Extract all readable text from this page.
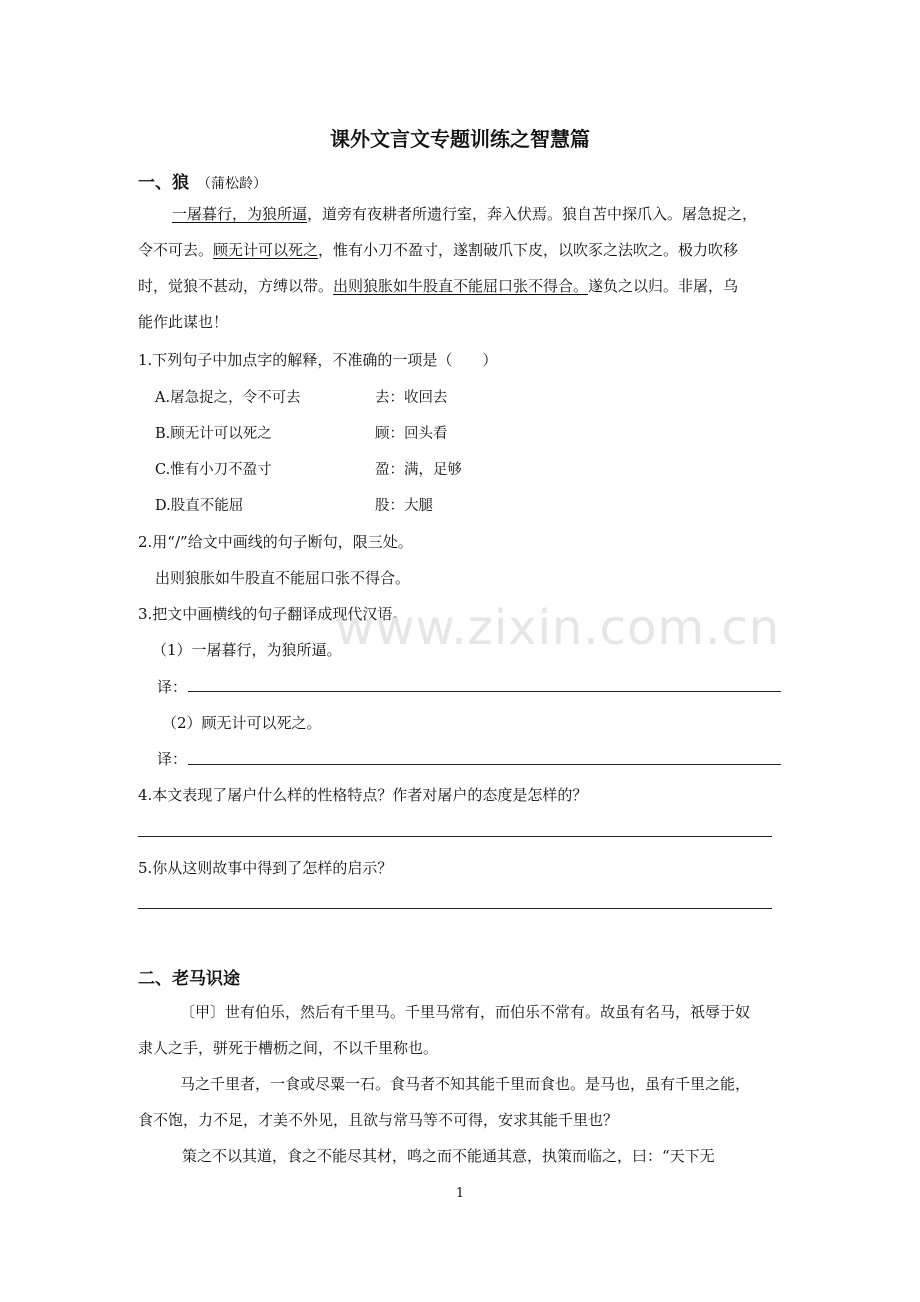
课外文言文专题训练之智慧篇
一、狼 （蒲松龄）
一屠暮行，为狼所逼，道旁有夜耕者所遗行室，奔入伏焉。狼自苫中探爪入。屠急捉之，
令不可去。顾无计可以死之，惟有小刀不盈寸，遂割破爪下皮，以吹豕之法吹之。极力吹移
时，觉狼不甚动，方缚以带。出则狼胀如牛股直不能屈口张不得合。遂负之以归。非屠，乌
能作此谋也！
1.下列句子中加点字的解释，不准确的一项是（　　）
A.屠急捉之，令不可去	去：收回去
B.顾无计可以死之	顾：回头看
C.惟有小刀不盈寸	盈：满，足够
D.股直不能屈	股：大腿
2.用“/”给文中画线的句子断句，限三处。
出则狼胀如牛股直不能屈口张不得合。
3.把文中画横线的句子翻译成现代汉语。
（1）一屠暮行，为狼所逼。
译：
（2）顾无计可以死之。
译：
4.本文表现了屠户什么样的性格特点？作者对屠户的态度是怎样的？
5.你从这则故事中得到了怎样的启示？
二、老马识途
〔甲〕世有伯乐，然后有千里马。千里马常有，而伯乐不常有。故虽有名马，祇辱于奴
隶人之手，骈死于槽枥之间，不以千里称也。
马之千里者，一食或尽粟一石。食马者不知其能千里而食也。是马也，虽有千里之能，
食不饱，力不足，才美不外见，且欲与常马等不可得，安求其能千里也？
策之不以其道，食之不能尽其材，鸣之而不能通其意，执策而临之，曰：“天下无
www.zixin.com.cn
1
